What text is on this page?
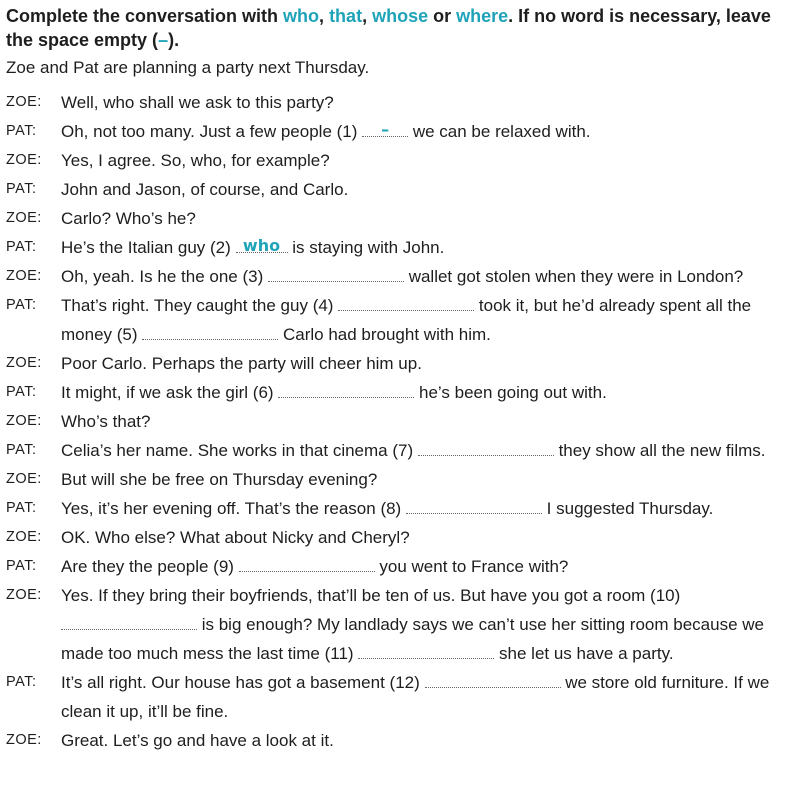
Complete the conversation with who, that, whose or where. If no word is necessary, leave the space empty (–).

Zoe and Pat are planning a party next Thursday.

ZOE:	Well, who shall we ask to this party?
PAT:	Oh, not too many. Just a few people (1)	–	we can be relaxed with.
ZOE:	Yes, I agree. So, who, for example?
PAT:	John and Jason, of course, and Carlo.
ZOE:	Carlo? Who’s he?
PAT:	He’s the Italian guy (2) who is staying with John.
ZOE:	Oh, yeah. Is he the one (3)	wallet got stolen when they were in London?
PAT:	That’s right. They caught the guy (4)	took it, but he’d already spent all the money (5)	Carlo had brought with him.
ZOE:	Poor Carlo. Perhaps the party will cheer him up.
PAT:	It might, if we ask the girl (6)	he’s been going out with.
ZOE:	Who’s that?
PAT:	Celia’s her name. She works in that cinema (7)	they show all the new films.
ZOE:	But will she be free on Thursday evening?
PAT:	Yes, it’s her evening off. That’s the reason (8)	I suggested Thursday.
ZOE:	OK. Who else? What about Nicky and Cheryl?
PAT:	Are they the people (9)	you went to France with?
ZOE:	Yes. If they bring their boyfriends, that’ll be ten of us. But have you got a room (10)  is big enough? My landlady says we can’t use her sitting room because we made too much mess the last time (11)	she let us have a party.
PAT:	It’s all right. Our house has got a basement (12)	we store old furniture. If we clean it up, it’ll be fine.
ZOE:	Great. Let’s go and have a look at it.
